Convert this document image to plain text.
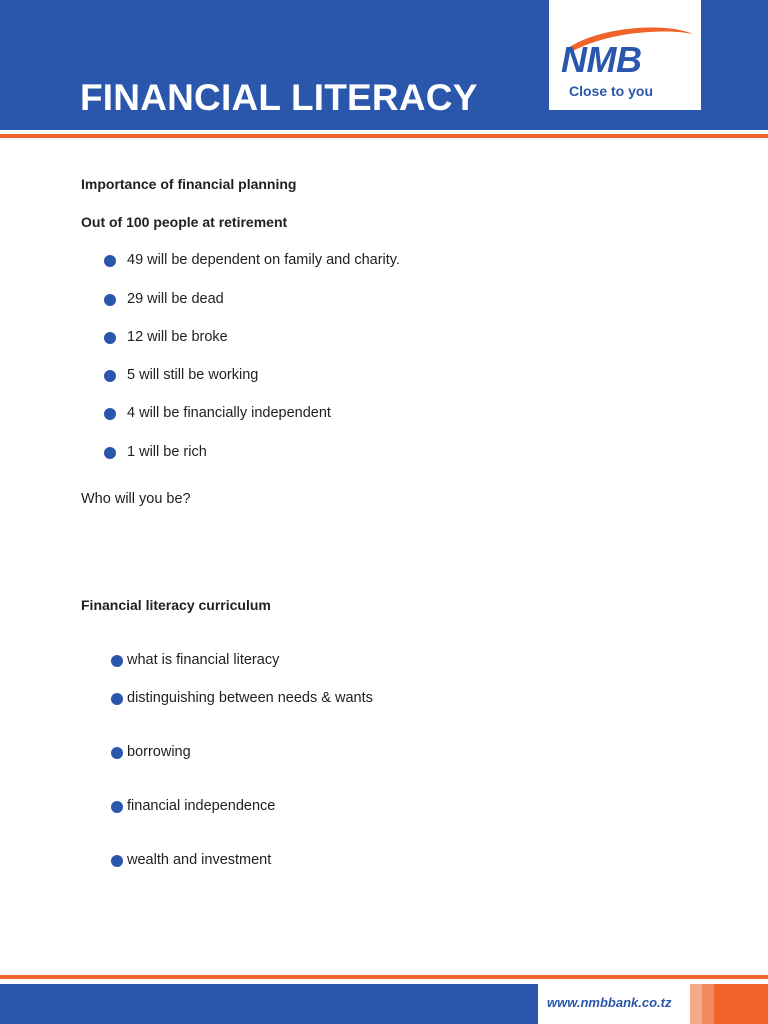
FINANCIAL LITERACY
NMB
Close to you

Importance of financial planning

Out of 100 people at retirement

49 will be dependent on family and charity.
29 will be dead
12 will be broke
5 will still be working
4 will be financially independent
1 will be rich

Who will you be?

Financial literacy curriculum

what is financial literacy
distinguishing between needs & wants
borrowing
financial independence
wealth and investment
www.nmbbank.co.tz
